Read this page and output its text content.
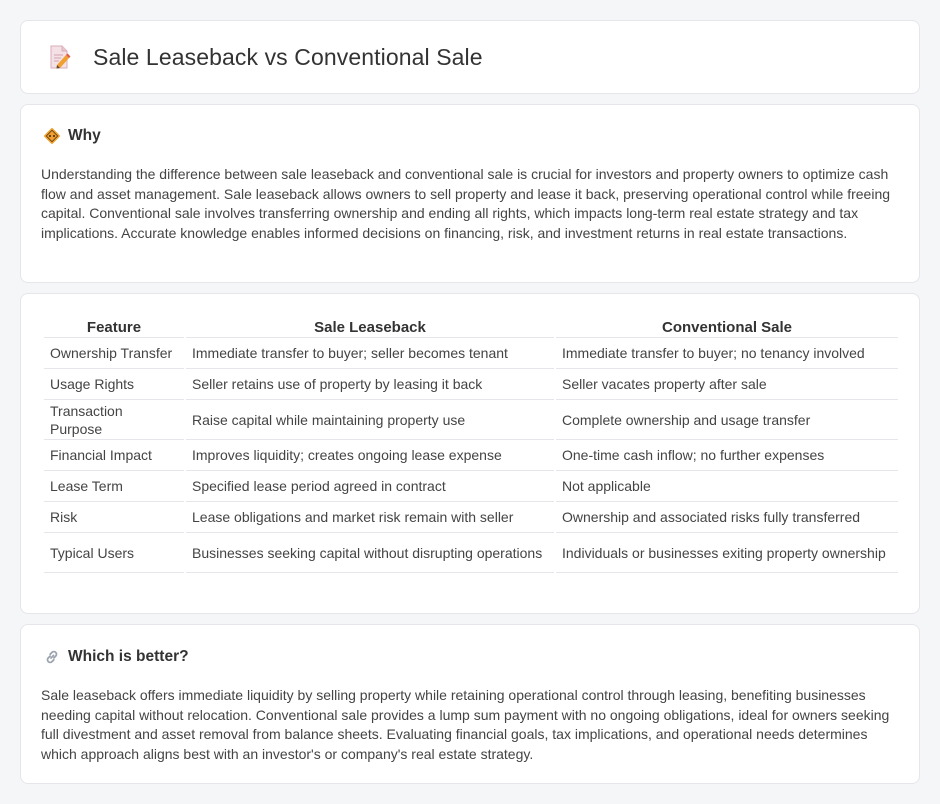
Sale Leaseback vs Conventional Sale
Why

Understanding the difference between sale leaseback and conventional sale is crucial for investors and property owners to optimize cash flow and asset management. Sale leaseback allows owners to sell property and lease it back, preserving operational control while freeing capital. Conventional sale involves transferring ownership and ending all rights, which impacts long-term real estate strategy and tax implications. Accurate knowledge enables informed decisions on financing, risk, and investment returns in real estate transactions.

Feature	Sale Leaseback	Conventional Sale
Ownership Transfer	Immediate transfer to buyer; seller becomes tenant	Immediate transfer to buyer; no tenancy involved
Usage Rights	Seller retains use of property by leasing it back	Seller vacates property after sale
Transaction Purpose	Raise capital while maintaining property use	Complete ownership and usage transfer
Financial Impact	Improves liquidity; creates ongoing lease expense	One-time cash inflow; no further expenses
Lease Term	Specified lease period agreed in contract	Not applicable
Risk	Lease obligations and market risk remain with seller	Ownership and associated risks fully transferred
Typical Users	Businesses seeking capital without disrupting operations	Individuals or businesses exiting property ownership
Which is better?

Sale leaseback offers immediate liquidity by selling property while retaining operational control through leasing, benefiting businesses needing capital without relocation. Conventional sale provides a lump sum payment with no ongoing obligations, ideal for owners seeking full divestment and asset removal from balance sheets. Evaluating financial goals, tax implications, and operational needs determines which approach aligns best with an investor's or company's real estate strategy.
